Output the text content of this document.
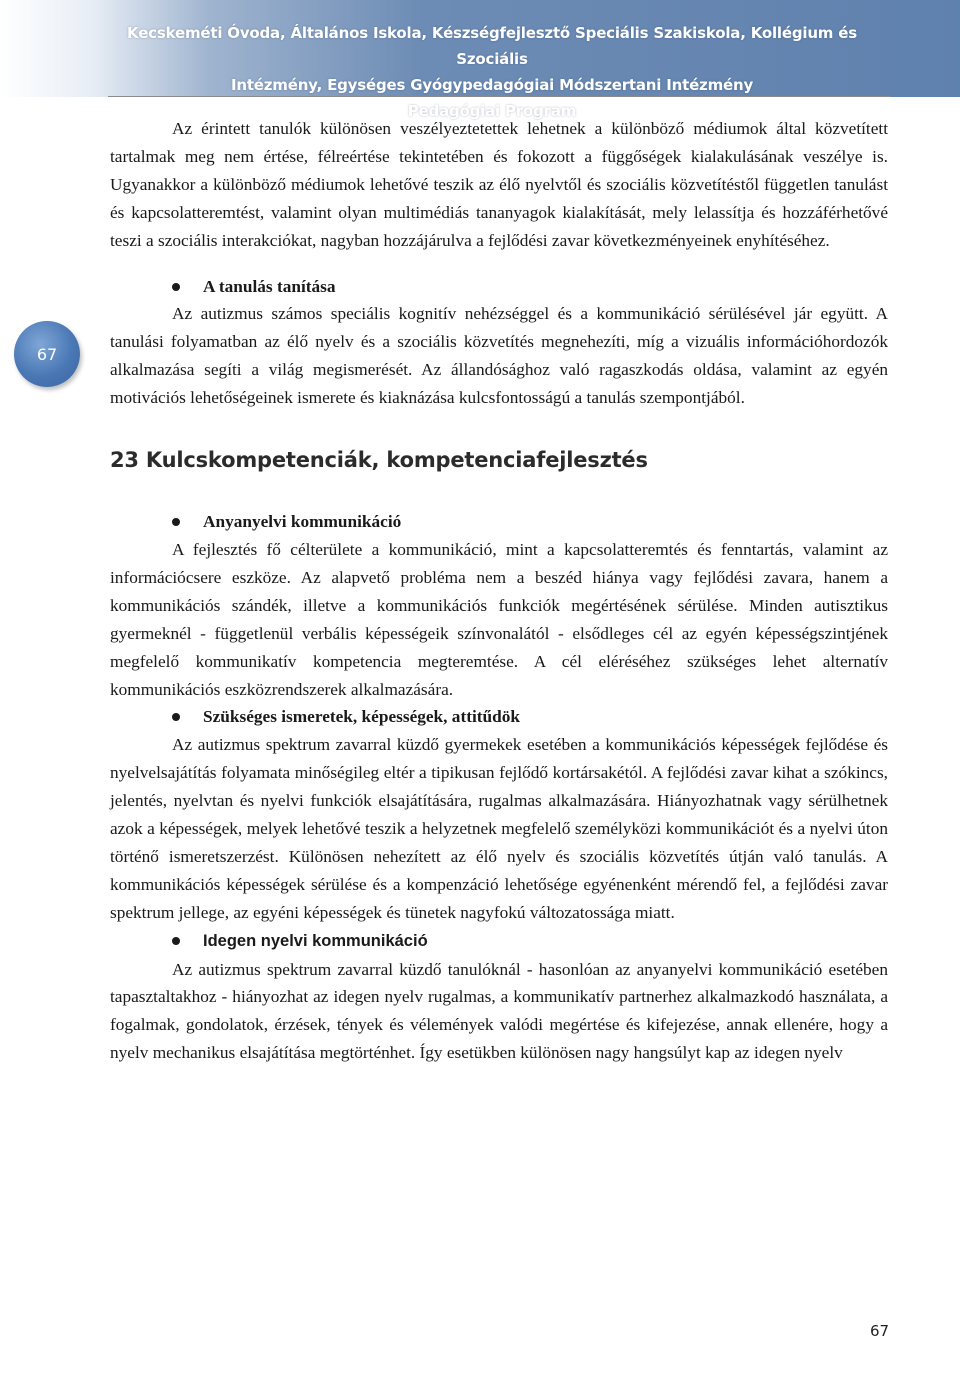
Kecskeméti Óvoda, Általános Iskola, Készségfejlesztő Speciális Szakiskola, Kollégium és Szociális
Intézmény, Egységes Gyógypedagógiai Módszertani Intézmény
Pedagógiai Program
67

Az érintett tanulók különösen veszélyeztetettek lehetnek a különböző médiumok által közvetített tartalmak meg nem értése, félreértése tekintetében és fokozott a függőségek kialakulásának veszélye is. Ugyanakkor a különböző médiumok lehetővé teszik az élő nyelvtől és szociális közvetítéstől független tanulást és kapcsolatteremtést, valamint olyan multimédiás tananyagok kialakítását, mely lelassítja és hozzáférhetővé teszi a szociális interakciókat, nagyban hozzájárulva a fejlődési zavar következményeinek enyhítéséhez.

A tanulás tanítása

Az autizmus számos speciális kognitív nehézséggel és a kommunikáció sérülésével jár együtt. A tanulási folyamatban az élő nyelv és a szociális közvetítés megnehezíti, míg a vizuális információhordozók alkalmazása segíti a világ megismerését. Az állandósághoz való ragaszkodás oldása, valamint az egyén motivációs lehetőségeinek ismerete és kiaknázása kulcsfontosságú a tanulás szempontjából.

23 Kulcskompetenciák, kompetenciafejlesztés
Anyanyelvi kommunikáció

A fejlesztés fő célterülete a kommunikáció, mint a kapcsolatteremtés és fenntartás, valamint az információcsere eszköze. Az alapvető probléma nem a beszéd hiánya vagy fejlődési zavara, hanem a kommunikációs szándék, illetve a kommunikációs funkciók megértésének sérülése. Minden autisztikus gyermeknél - függetlenül verbális képességeik színvonalától - elsődleges cél az egyén képességszintjének megfelelő kommunikatív kompetencia megteremtése. A cél eléréséhez szükséges lehet alternatív kommunikációs eszközrendszerek alkalmazására.

Szükséges ismeretek, képességek, attitűdök

Az autizmus spektrum zavarral küzdő gyermekek esetében a kommunikációs képességek fejlődése és nyelvelsajátítás folyamata minőségileg eltér a tipikusan fejlődő kortársakétól. A fejlődési zavar kihat a szókincs, jelentés, nyelvtan és nyelvi funkciók elsajátítására, rugalmas alkalmazására. Hiányozhatnak vagy sérülhetnek azok a képességek, melyek lehetővé teszik a helyzetnek megfelelő személyközi kommunikációt és a nyelvi úton történő ismeretszerzést. Különösen nehezített az élő nyelv és szociális közvetítés útján való tanulás. A kommunikációs képességek sérülése és a kompenzáció lehetősége egyénenként mérendő fel, a fejlődési zavar spektrum jellege, az egyéni képességek és tünetek nagyfokú változatossága miatt.

Idegen nyelvi kommunikáció

Az autizmus spektrum zavarral küzdő tanulóknál - hasonlóan az anyanyelvi kommunikáció esetében tapasztaltakhoz - hiányozhat az idegen nyelv rugalmas, a kommunikatív partnerhez alkalmazkodó használata, a fogalmak, gondolatok, érzések, tények és vélemények valódi megértése és kifejezése, annak ellenére, hogy a nyelv mechanikus elsajátítása megtörténhet. Így esetükben különösen nagy hangsúlyt kap az idegen nyelv

67
